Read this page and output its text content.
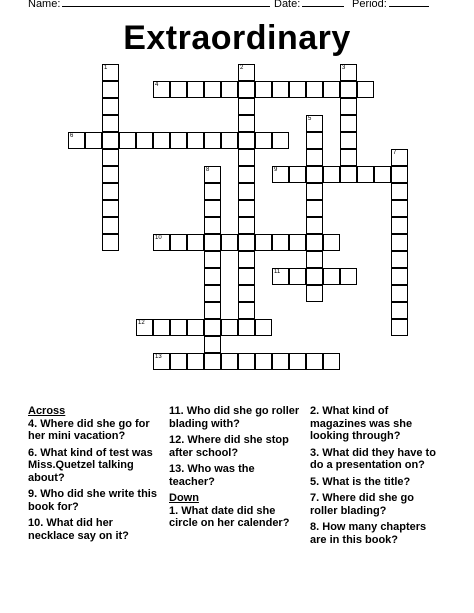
Name:	Date:	Period:
Extraordinary
1	2	3
4
5
6
7
8	9
10
11
12
13
Across
4. Where did she go for her mini vacation?
6. What kind of test was Miss.Quetzel talking about?
9. Who did she write this book for?
10. What did her necklace say on it?
11. Who did she go roller blading with?
12. Where did she stop after school?
13. Who was the teacher?
Down
1. What date did she circle on her calender?
2. What kind of magazines was she looking through?
3. What did they have to do a presentation on?
5. What is the title?
7. Where did she go roller blading?
8. How many chapters are in this book?
